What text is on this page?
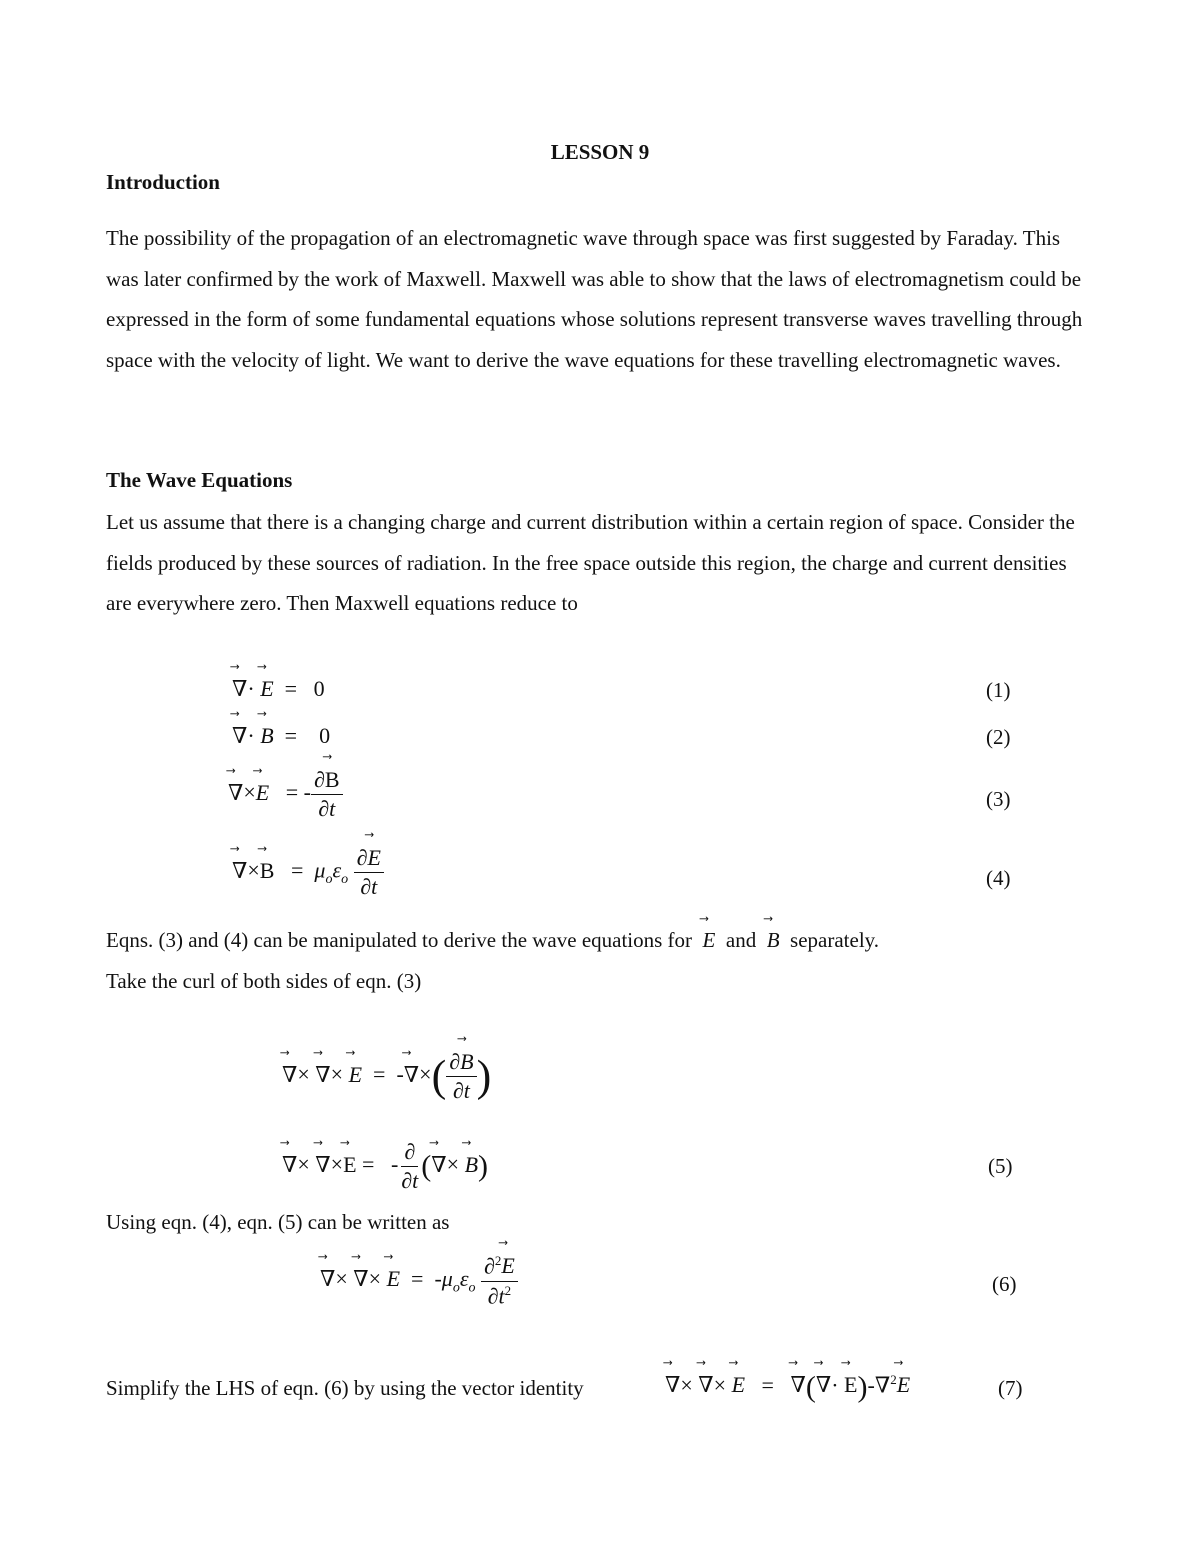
LESSON 9
Introduction
The possibility of the propagation of an electromagnetic wave through space was first suggested by Faraday. This was later confirmed by the work of Maxwell. Maxwell was able to show that the laws of electromagnetism could be expressed in the form of some fundamental equations whose solutions represent transverse waves travelling through space with the velocity of light. We want to derive the wave equations for these travelling electromagnetic waves.
The Wave Equations
Let us assume that there is a changing charge and current distribution within a certain region of space. Consider the fields produced by these sources of radiation. In the free space outside this region, the charge and current densities are everywhere zero. Then Maxwell equations reduce to
⃗ ∇· ⃗ E = 0	(1)
⃗ ∇· ⃗ B = 0	(2)
⃗ ∇×⃗ E = - $\frac{\partial⃗ B}{\partial t}$	(3)
⃗ ∇×⃗ $B = \mu_o\varepsilon_o \frac{\partial⃗ E}{\partial t}$	(4)
Eqns. (3) and (4) can be manipulated to derive the wave equations for ⃗ E and ⃗ B separately.
Take the curl of both sides of eqn. (3)
⃗ ∇× ⃗ ∇× ⃗ E = -⃗ ∇×( $\frac{\partial⃗ B}{\partial t}$ )
⃗ ∇× ⃗ ∇×⃗ E = - $\frac{\partial}{\partial t}$ (⃗ ∇× ⃗ B)	(5)
Using eqn. (4), eqn. (5) can be written as
⃗ ∇× ⃗ ∇× ⃗ $E = -\mu_o\varepsilon_o \frac{\partial^2⃗ E}{\partial t^2}$	(6)
Simplify the LHS of eqn. (6) by using the vector identity	⃗ ∇× ⃗ ∇× ⃗ E = ⃗ ∇(⃗ ∇· ⃗ E)-∇$^2$⃗ E	(7)
